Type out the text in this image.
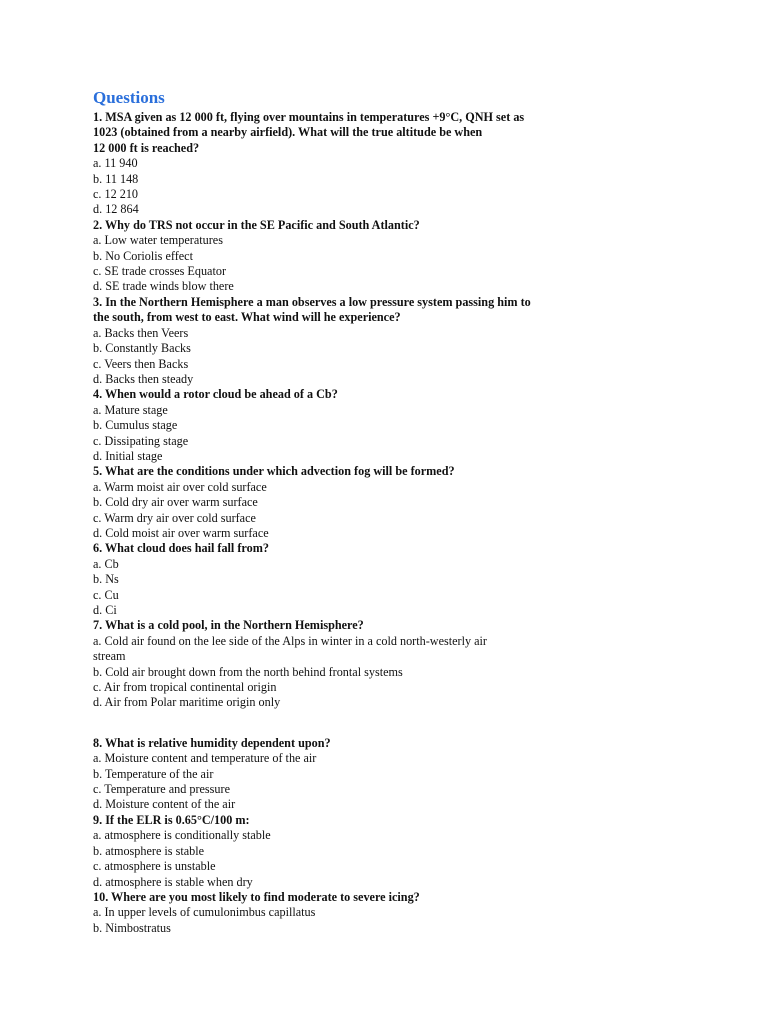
Questions
1. MSA given as 12 000 ft, flying over mountains in temperatures +9°C, QNH set as
1023 (obtained from a nearby airfield). What will the true altitude be when
12 000 ft is reached?
a. 11 940
b. 11 148
c. 12 210
d. 12 864
2. Why do TRS not occur in the SE Pacific and South Atlantic?
a. Low water temperatures
b. No Coriolis effect
c. SE trade crosses Equator
d. SE trade winds blow there
3. In the Northern Hemisphere a man observes a low pressure system passing him to
the south, from west to east. What wind will he experience?
a. Backs then Veers
b. Constantly Backs
c. Veers then Backs
d. Backs then steady
4. When would a rotor cloud be ahead of a Cb?
a. Mature stage
b. Cumulus stage
c. Dissipating stage
d. Initial stage
5. What are the conditions under which advection fog will be formed?
a. Warm moist air over cold surface
b. Cold dry air over warm surface
c. Warm dry air over cold surface
d. Cold moist air over warm surface
6. What cloud does hail fall from?
a. Cb
b. Ns
c. Cu
d. Ci
7. What is a cold pool, in the Northern Hemisphere?
a. Cold air found on the lee side of the Alps in winter in a cold north-westerly air
stream
b. Cold air brought down from the north behind frontal systems
c. Air from tropical continental origin
d. Air from Polar maritime origin only
8. What is relative humidity dependent upon?
a. Moisture content and temperature of the air
b. Temperature of the air
c. Temperature and pressure
d. Moisture content of the air
9. If the ELR is 0.65°C/100 m:
a. atmosphere is conditionally stable
b. atmosphere is stable
c. atmosphere is unstable
d. atmosphere is stable when dry
10. Where are you most likely to find moderate to severe icing?
a. In upper levels of cumulonimbus capillatus
b. Nimbostratus
